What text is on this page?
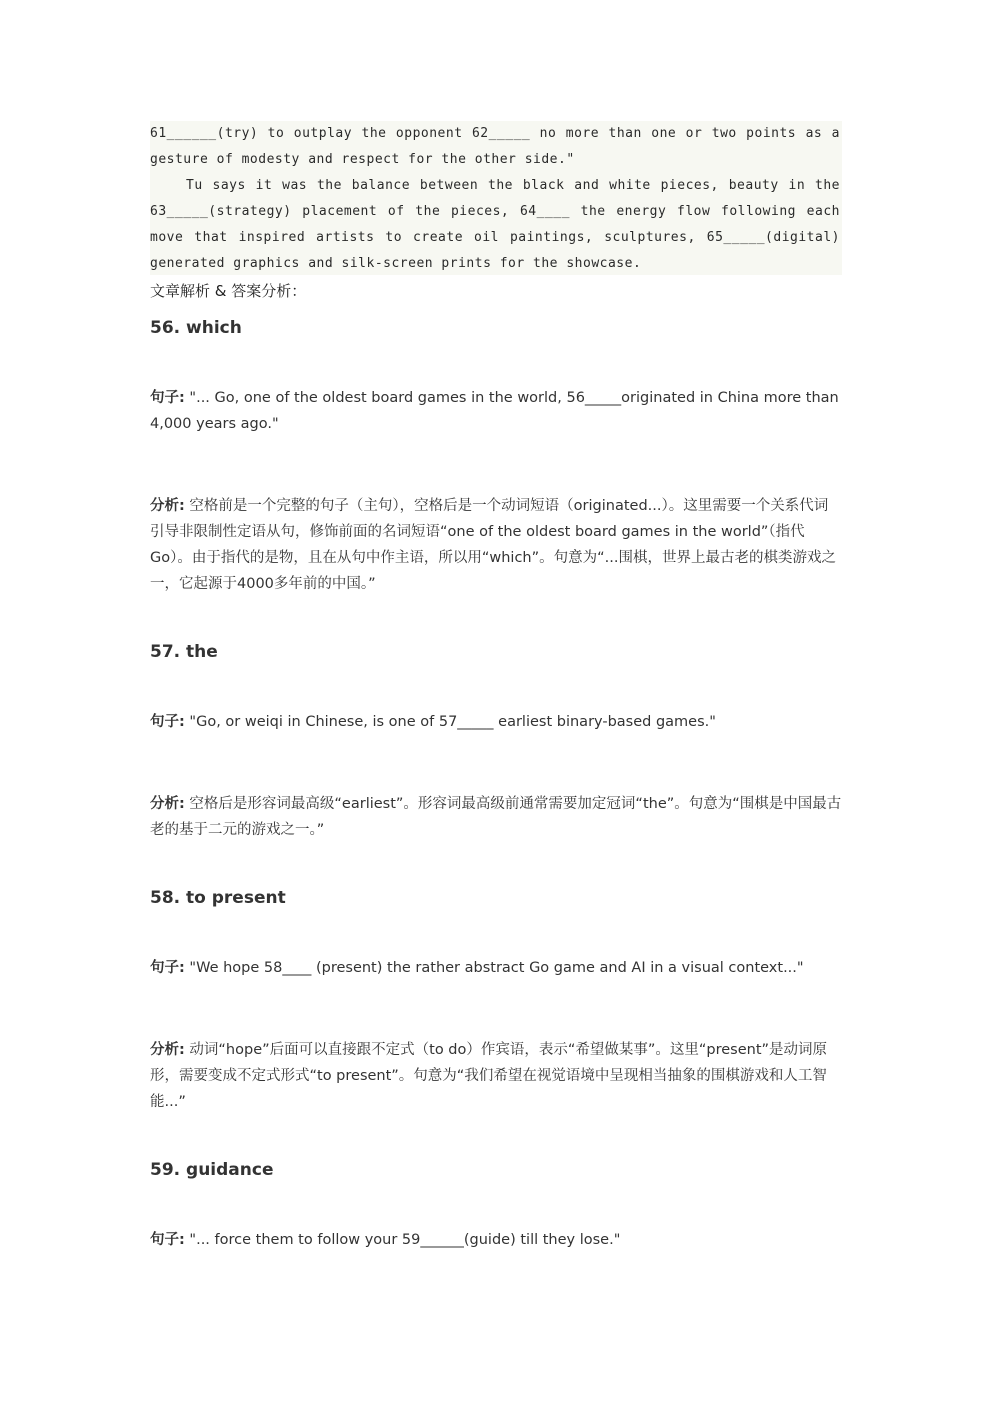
61______(try) to outplay the opponent 62_____ no more than one or two points as a
gesture of modesty and respect for the other side."
Tu says it was the balance between the black and white pieces, beauty in the
63_____(strategy) placement of the pieces, 64____ the energy flow following each
move that inspired artists to create oil paintings, sculptures, 65_____(digital)
generated graphics and silk-screen prints for the showcase.
文章解析 & 答案分析：
56. which
句子: "... Go, one of the oldest board games in the world, 56_____originated in China more than 4,000 years ago."
分析: 空格前是一个完整的句子（主句），空格后是一个动词短语（originated...）。这里需要一个关系代词引导非限制性定语从句，修饰前面的名词短语“one of the oldest board games in the world”（指代 Go）。由于指代的是物，且在从句中作主语，所以用“which”。句意为“...围棋，世界上最古老的棋类游戏之一，它起源于4000多年前的中国。”
57. the
句子: "Go, or weiqi in Chinese, is one of 57_____ earliest binary-based games."
分析: 空格后是形容词最高级“earliest”。形容词最高级前通常需要加定冠词“the”。句意为“围棋是中国最古老的基于二元的游戏之一。”
58. to present
句子: "We hope 58____ (present) the rather abstract Go game and AI in a visual context..."
分析: 动词“hope”后面可以直接跟不定式（to do）作宾语，表示“希望做某事”。这里“present”是动词原形，需要变成不定式形式“to present”。句意为“我们希望在视觉语境中呈现相当抽象的围棋游戏和人工智能...”
59. guidance
句子: "... force them to follow your 59______(guide) till they lose."
